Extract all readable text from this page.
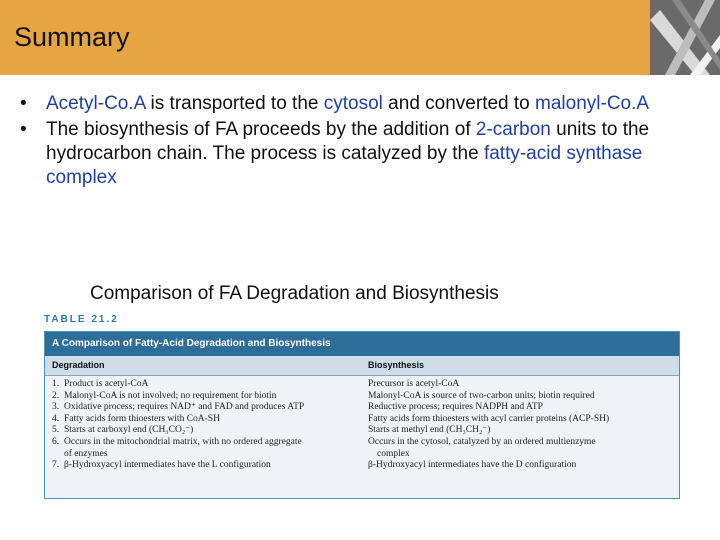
Summary
• Acetyl-Co.A is transported to the cytosol and converted to malonyl-Co.A
• The biosynthesis of FA proceeds by the addition of 2-carbon units to the hydrocarbon chain. The process is catalyzed by the fatty-acid synthase complex
Comparison of FA Degradation and Biosynthesis
TABLE 21.2
A Comparison of Fatty-Acid Degradation and Biosynthesis
Degradation	Biosynthesis
1. Product is acetyl-CoA	Precursor is acetyl-CoA
2. Malonyl-CoA is not involved; no requirement for biotin	Malonyl-CoA is source of two-carbon units; biotin required
3. Oxidative process; requires NAD⁺ and FAD and produces ATP	Reductive process; requires NADPH and ATP
4. Fatty acids form thioesters with CoA-SH	Fatty acids form thioesters with acyl carrier proteins (ACP-SH)
5. Starts at carboxyl end (CH₃CO₂⁻)	Starts at methyl end (CH₃CH₂⁻)
6. Occurs in the mitochondrial matrix, with no ordered aggregate	Occurs in the cytosol, catalyzed by an ordered multienzyme
of enzymes	complex
7. β-Hydroxyacyl intermediates have the L configuration	β-Hydroxyacyl intermediates have the D configuration
